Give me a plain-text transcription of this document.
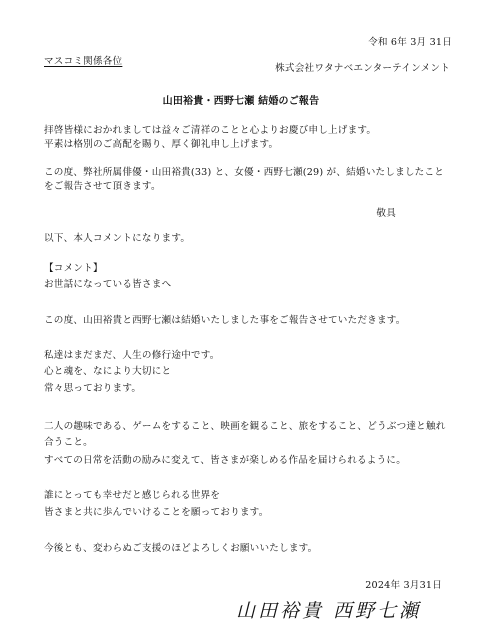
令和 6年 3月 31日
マスコミ関係各位
株式会社ワタナベエンターテインメント
山田裕貴・西野七瀬 結婚のご報告
拝啓皆様におかれましては益々ご清祥のことと心よりお慶び申し上げます。
平素は格別のご高配を賜り、厚く御礼申し上げます。
この度、弊社所属俳優・山田裕貴(33) と、女優・西野七瀬(29) が、結婚いたしましたこと
をご報告させて頂きます。
敬具
以下、本人コメントになります。
【コメント】
お世話になっている皆さまへ
この度、山田裕貴と西野七瀬は結婚いたしました事をご報告させていただきます。
私達はまだまだ、人生の修行途中です。
心と魂を、なにより大切にと
常々思っております。
二人の趣味である、ゲームをすること、映画を観ること、旅をすること、どうぶつ達と触れ
合うこと。
すべての日常を活動の励みに変えて、皆さまが楽しめる作品を届けられるように。
誰にとっても幸せだと感じられる世界を
皆さまと共に歩んでいけることを願っております。
今後とも、変わらぬご支援のほどよろしくお願いいたします。
2024年 3月31日
山田裕貴 西野七瀬
